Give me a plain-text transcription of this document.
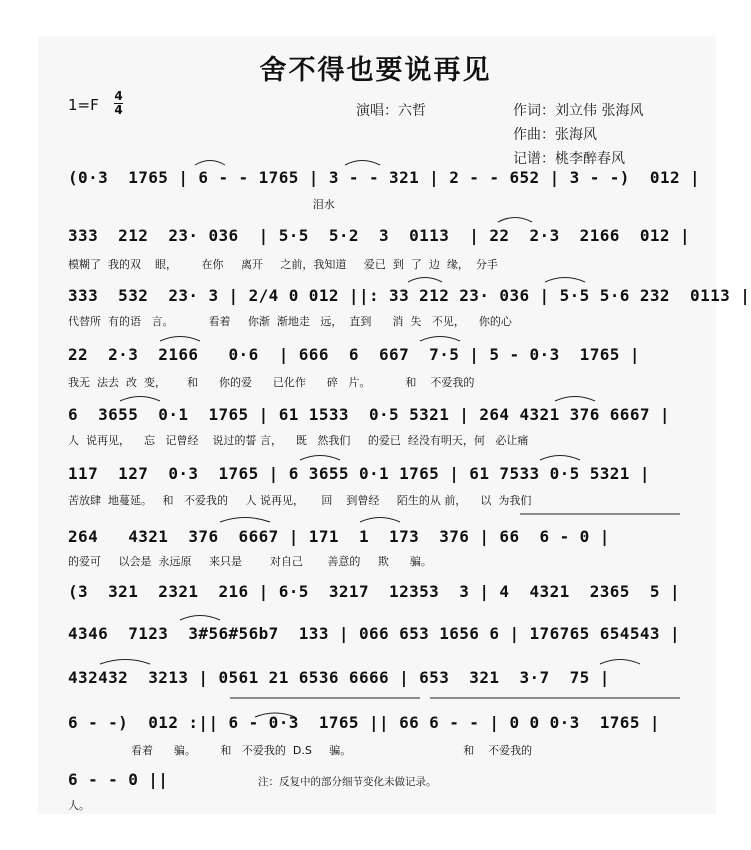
舍不得也要说再见
1=F 4
4	演唱：六哲	作词：刘立伟 张海风
作曲：张海风
记谱：桃李醉春风
(0·3  1765 | 6 - - 1765 | 3 - - 321 | 2 - - 652 | 3 - -)  012 |
泪水
333  212  23· 036  | 5·5  5·2  3  0113  | 22  2·3  2166  012 |
模糊了  我的双    眼，       在你     离开     之前，我知道     爱已  到  了  边  缘，  分手
333  532  23· 3 | 2/4 0 012 ||: 33 212 23· 036 | 5·5 5·6 232  0113 |
代替所  有的语   言。          看着     你渐  渐地走   远，  直到      消  失   不见，    你的心
22  2·3  2166   0·6  | 666  6  667  7·5 | 5 - 0·3  1765 |
我无  法去  改  变，      和      你的爱      已化作      碎   片。          和    不爱我的
6  3655  0·1  1765 | 61 1533  0·5 5321 | 264 4321 376 6667 |
人  说再见，    忘   记曾经    说过的誓 言，    既   然我们     的爱已  经没有明天，何   必让痛
117  127  0·3  1765 | 6 3655 0·1 1765 | 61 7533 0·5 5321 |
苦放肆  地蔓延。   和   不爱我的     人 说再见，     回    到曾经     陌生的从 前，    以  为我们
264   4321  376  6667 | 171  1  173  376 | 66  6 - 0 |
的爱可     以会是  永远原     来只是        对自己       善意的     欺      骗。
(3  321  2321  216 | 6·5  3217  12353  3 | 4  4321  2365  5 |
4346  7123  3#56#56b7  133 | 066 653 1656 6 | 176765 654543 |
432432  3213 | 0561 21 6536 6666 | 653  321  3·7  75 |
6 - -)  012 :|| 6 - 0·3  1765 || 66 6 - - | 0 0 0·3  1765 |
看着      骗。       和   不爱我的  D.S     骗。                                和    不爱我的
6 - - 0 ||
人。
注：反复中的部分细节变化未做记录。
